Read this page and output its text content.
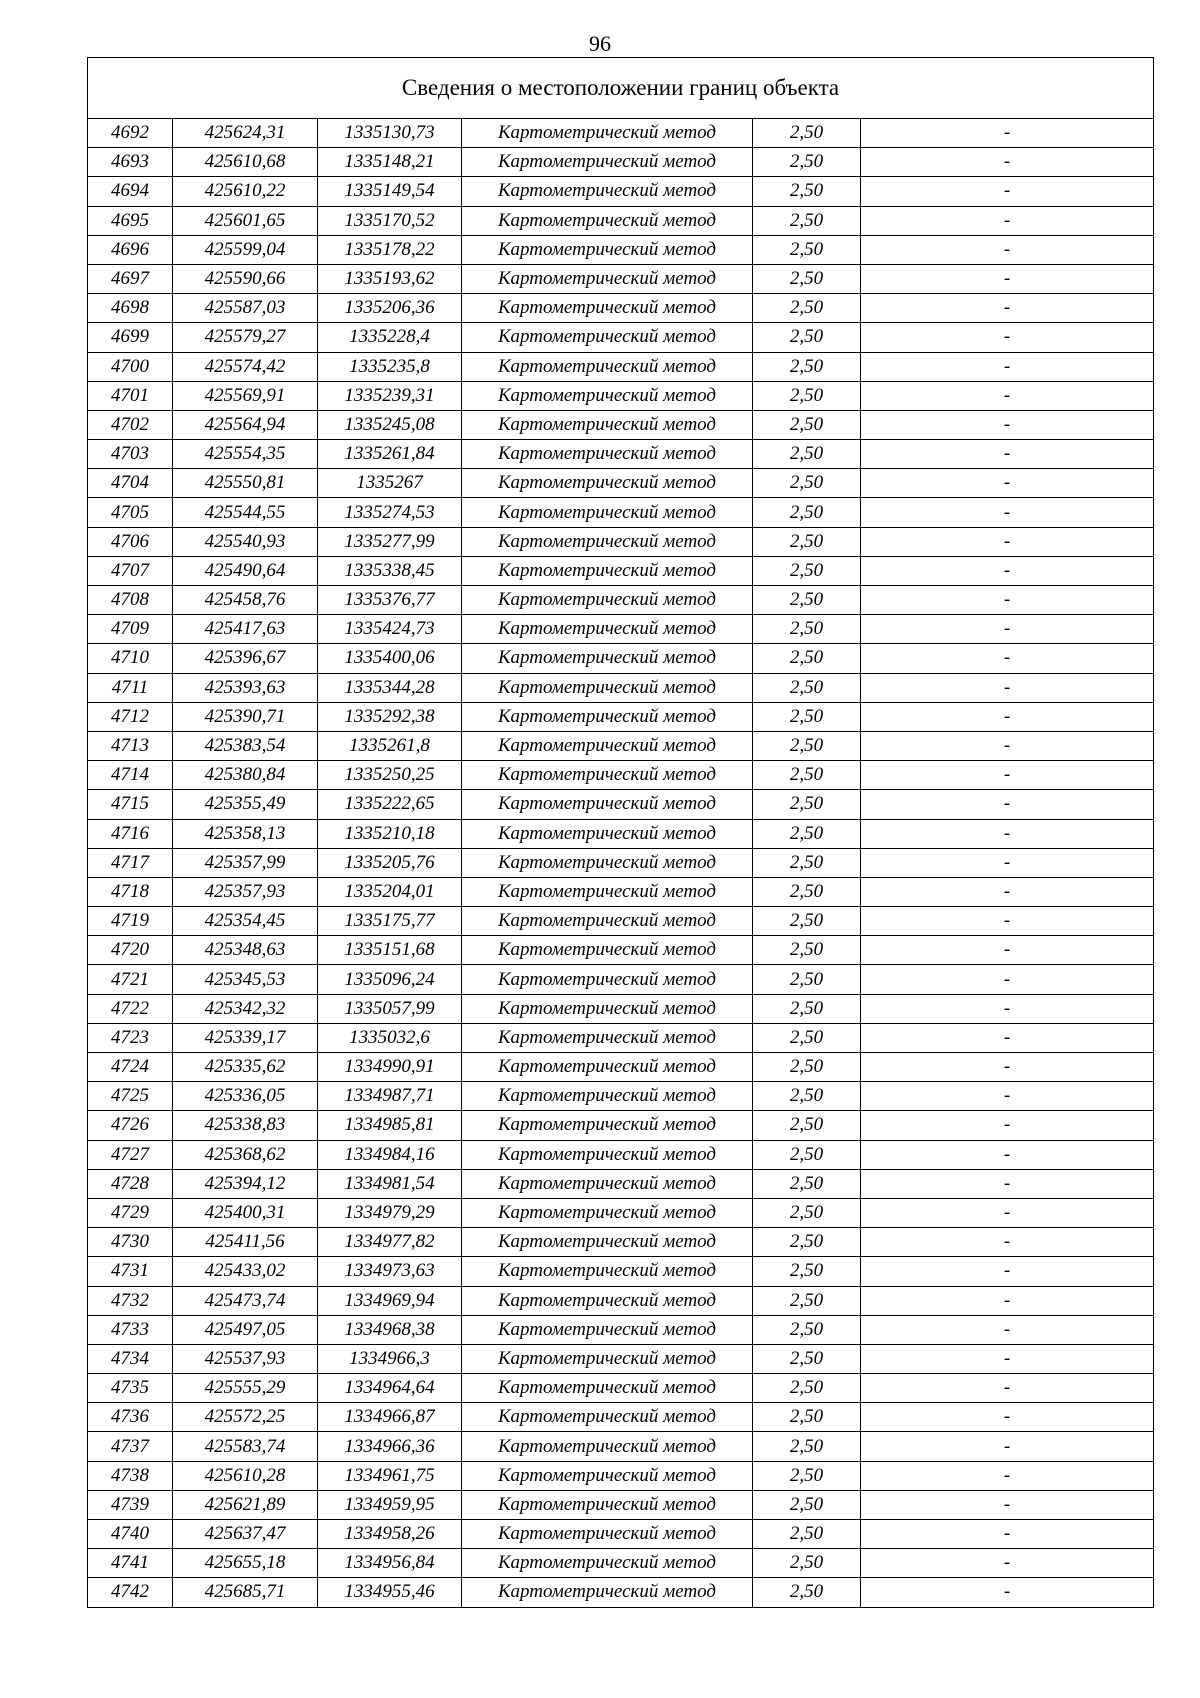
96
Сведения о местоположении границ объекта					
4692	425624,31	1335130,73	Картометрический метод	2,50	-
4693	425610,68	1335148,21	Картометрический метод	2,50	-
4694	425610,22	1335149,54	Картометрический метод	2,50	-
4695	425601,65	1335170,52	Картометрический метод	2,50	-
4696	425599,04	1335178,22	Картометрический метод	2,50	-
4697	425590,66	1335193,62	Картометрический метод	2,50	-
4698	425587,03	1335206,36	Картометрический метод	2,50	-
4699	425579,27	1335228,4	Картометрический метод	2,50	-
4700	425574,42	1335235,8	Картометрический метод	2,50	-
4701	425569,91	1335239,31	Картометрический метод	2,50	-
4702	425564,94	1335245,08	Картометрический метод	2,50	-
4703	425554,35	1335261,84	Картометрический метод	2,50	-
4704	425550,81	1335267	Картометрический метод	2,50	-
4705	425544,55	1335274,53	Картометрический метод	2,50	-
4706	425540,93	1335277,99	Картометрический метод	2,50	-
4707	425490,64	1335338,45	Картометрический метод	2,50	-
4708	425458,76	1335376,77	Картометрический метод	2,50	-
4709	425417,63	1335424,73	Картометрический метод	2,50	-
4710	425396,67	1335400,06	Картометрический метод	2,50	-
4711	425393,63	1335344,28	Картометрический метод	2,50	-
4712	425390,71	1335292,38	Картометрический метод	2,50	-
4713	425383,54	1335261,8	Картометрический метод	2,50	-
4714	425380,84	1335250,25	Картометрический метод	2,50	-
4715	425355,49	1335222,65	Картометрический метод	2,50	-
4716	425358,13	1335210,18	Картометрический метод	2,50	-
4717	425357,99	1335205,76	Картометрический метод	2,50	-
4718	425357,93	1335204,01	Картометрический метод	2,50	-
4719	425354,45	1335175,77	Картометрический метод	2,50	-
4720	425348,63	1335151,68	Картометрический метод	2,50	-
4721	425345,53	1335096,24	Картометрический метод	2,50	-
4722	425342,32	1335057,99	Картометрический метод	2,50	-
4723	425339,17	1335032,6	Картометрический метод	2,50	-
4724	425335,62	1334990,91	Картометрический метод	2,50	-
4725	425336,05	1334987,71	Картометрический метод	2,50	-
4726	425338,83	1334985,81	Картометрический метод	2,50	-
4727	425368,62	1334984,16	Картометрический метод	2,50	-
4728	425394,12	1334981,54	Картометрический метод	2,50	-
4729	425400,31	1334979,29	Картометрический метод	2,50	-
4730	425411,56	1334977,82	Картометрический метод	2,50	-
4731	425433,02	1334973,63	Картометрический метод	2,50	-
4732	425473,74	1334969,94	Картометрический метод	2,50	-
4733	425497,05	1334968,38	Картометрический метод	2,50	-
4734	425537,93	1334966,3	Картометрический метод	2,50	-
4735	425555,29	1334964,64	Картометрический метод	2,50	-
4736	425572,25	1334966,87	Картометрический метод	2,50	-
4737	425583,74	1334966,36	Картометрический метод	2,50	-
4738	425610,28	1334961,75	Картометрический метод	2,50	-
4739	425621,89	1334959,95	Картометрический метод	2,50	-
4740	425637,47	1334958,26	Картометрический метод	2,50	-
4741	425655,18	1334956,84	Картометрический метод	2,50	-
4742	425685,71	1334955,46	Картометрический метод	2,50	-
